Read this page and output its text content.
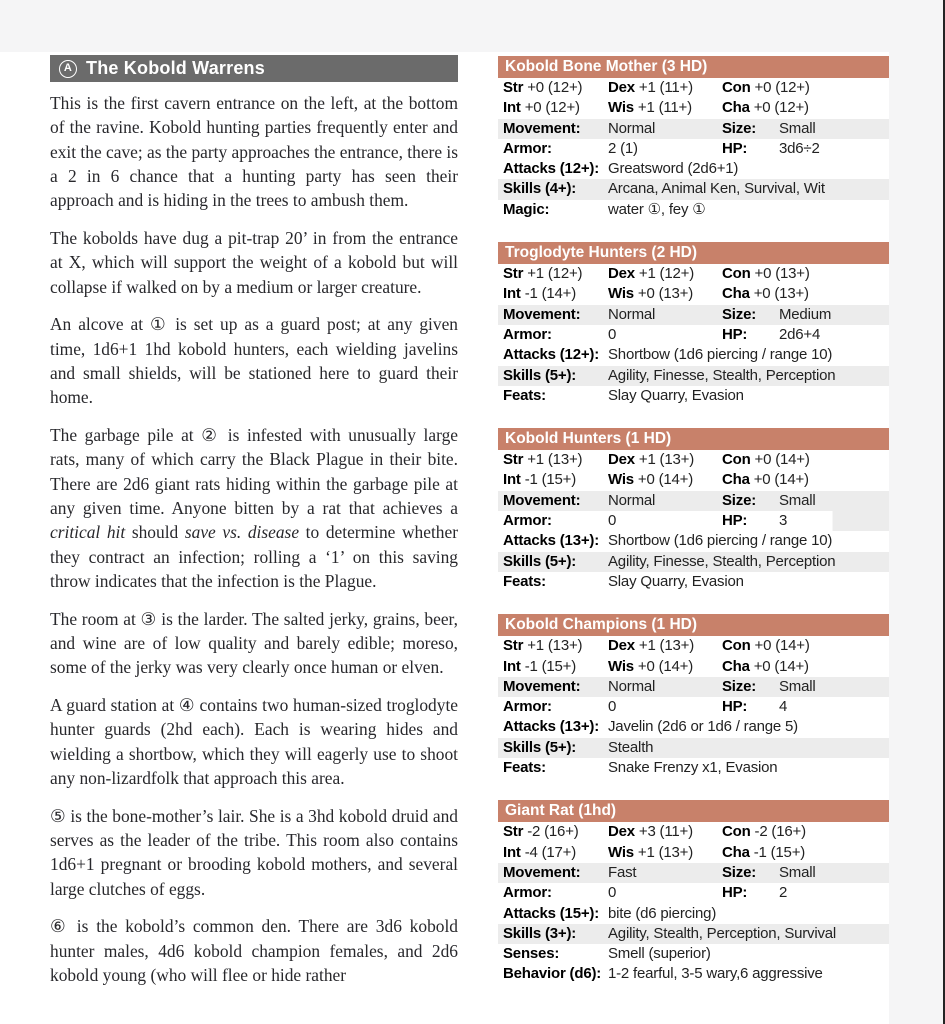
A The Kobold Warrens

This is the first cavern entrance on the left, at the bottom of the ravine. Kobold hunting parties frequently enter and exit the cave; as the party approaches the entrance, there is a 2 in 6 chance that a hunting party has seen their approach and is hiding in the trees to ambush them.

The kobolds have dug a pit-trap 20’ in from the entrance at X, which will support the weight of a kobold but will collapse if walked on by a medium or larger creature.

An alcove at ① is set up as a guard post; at any given time, 1d6+1 1hd kobold hunters, each wielding javelins and small shields, will be stationed here to guard their home.

The garbage pile at ② is infested with unusually large rats, many of which carry the Black Plague in their bite. There are 2d6 giant rats hiding within the garbage pile at any given time. Anyone bitten by a rat that achieves a critical hit should save vs. disease to determine whether they contract an infection; rolling a ‘1’ on this saving throw indicates that the infection is the Plague.

The room at ③ is the larder. The salted jerky, grains, beer, and wine are of low quality and barely edible; moreso, some of the jerky was very clearly once human or elven.

A guard station at ④ contains two human-sized troglodyte hunter guards (2hd each). Each is wearing hides and wielding a shortbow, which they will eagerly use to shoot any non-lizardfolk that approach this area.

⑤ is the bone-mother’s lair. She is a 3hd kobold druid and serves as the leader of the tribe. This room also contains 1d6+1 pregnant or brooding kobold mothers, and several large clutches of eggs.

⑥ is the kobold’s common den. There are 3d6 kobold hunter males, 4d6 kobold champion females, and 2d6 kobold young (who will flee or hide rather

Kobold Bone Mother (3 HD)
Str +0 (12+) Dex +1 (11+) Con +0 (12+)
Int +0 (12+) Wis +1 (11+) Cha +0 (12+)
Movement: Normal	Size: Small
Armor:	2 (1)	HP: 3d6÷2
Attacks (12+): Greatsword (2d6+1)
Skills (4+): Arcana, Animal Ken, Survival, Wit
Magic:	water ①, fey ①
Troglodyte Hunters (2 HD)
Str +1 (12+) Dex +1 (12+) Con +0 (13+)
Int -1 (14+) Wis +0 (13+) Cha +0 (13+)
Movement: Normal	Size: Medium
Armor:	0	HP: 2d6+4
Attacks (12+): Shortbow (1d6 piercing / range 10)
Skills (5+): Agility, Finesse, Stealth, Perception
Feats:	Slay Quarry, Evasion
Kobold Hunters (1 HD)
Str +1 (13+) Dex +1 (13+) Con +0 (14+)
Int -1 (15+) Wis +0 (14+) Cha +0 (14+)
Movement: Normal	Size: Small
Armor:	0	HP: 3
Attacks (13+): Shortbow (1d6 piercing / range 10)
Skills (5+): Agility, Finesse, Stealth, Perception
Feats:	Slay Quarry, Evasion
Kobold Champions (1 HD)
Str +1 (13+) Dex +1 (13+) Con +0 (14+)
Int -1 (15+) Wis +0 (14+) Cha +0 (14+)
Movement: Normal	Size: Small
Armor:	0	HP: 4
Attacks (13+): Javelin (2d6 or 1d6 / range 5)
Skills (5+): Stealth
Feats:	Snake Frenzy x1, Evasion
Giant Rat (1hd)
Str -2 (16+) Dex +3 (11+) Con -2 (16+)
Int -4 (17+) Wis +1 (13+) Cha -1 (15+)
Movement: Fast	Size: Small
Armor:	0	HP: 2
Attacks (15+): bite (d6 piercing)
Skills (3+): Agility, Stealth, Perception, Survival
Senses:	Smell (superior)
Behavior (d6): 1-2 fearful, 3-5 wary,6 aggressive
